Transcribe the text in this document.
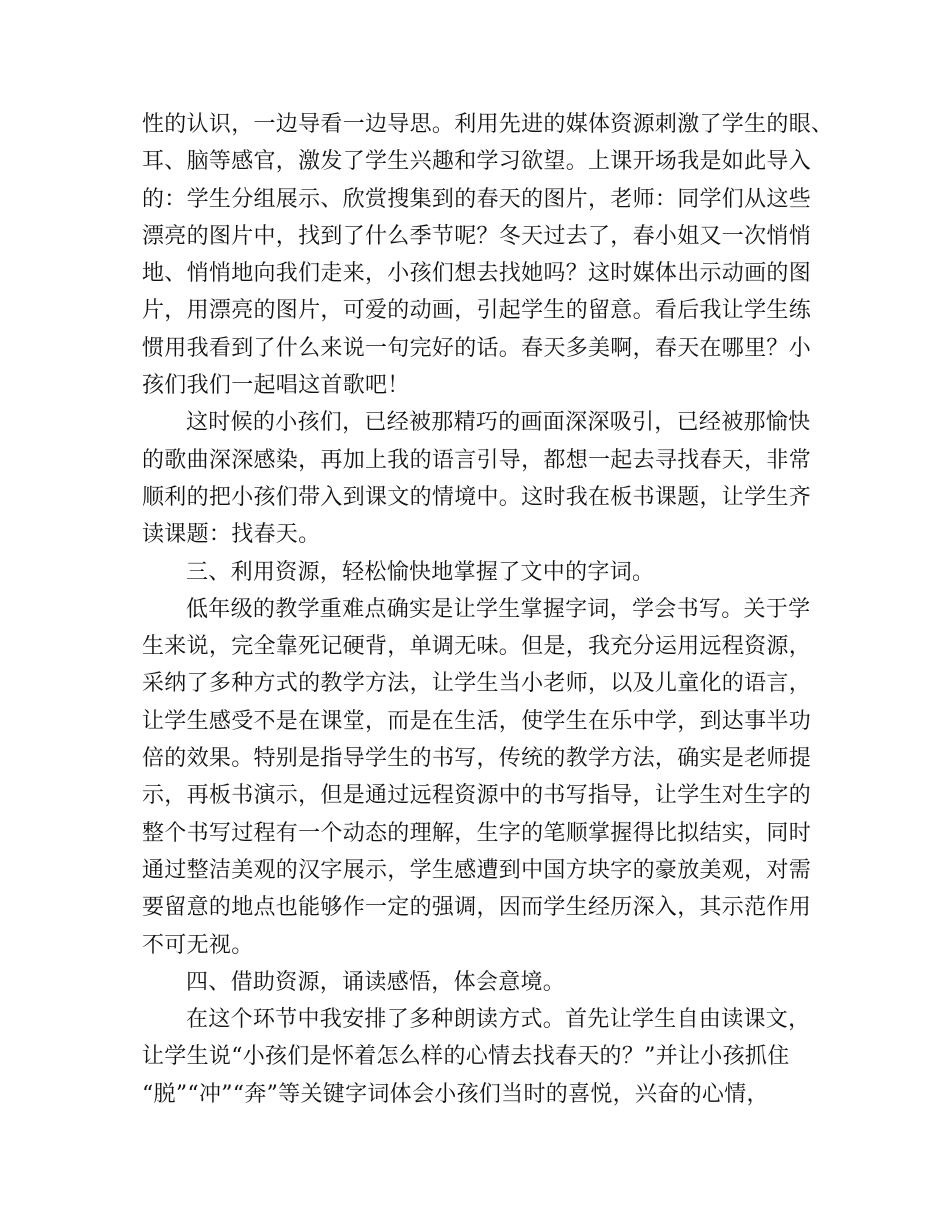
性的认识，一边导看一边导思。利用先进的媒体资源刺激了学生的眼、
耳、脑等感官，激发了学生兴趣和学习欲望。上课开场我是如此导入
的：学生分组展示、欣赏搜集到的春天的图片，老师：同学们从这些
漂亮的图片中，找到了什么季节呢？冬天过去了，春小姐又一次悄悄
地、悄悄地向我们走来，小孩们想去找她吗？这时媒体出示动画的图
片，用漂亮的图片，可爱的动画，引起学生的留意。看后我让学生练
惯用我看到了什么来说一句完好的话。春天多美啊，春天在哪里？小
孩们我们一起唱这首歌吧！
这时候的小孩们，已经被那精巧的画面深深吸引，已经被那愉快
的歌曲深深感染，再加上我的语言引导，都想一起去寻找春天，非常
顺利的把小孩们带入到课文的情境中。这时我在板书课题，让学生齐
读课题：找春天。
三、利用资源，轻松愉快地掌握了文中的字词。
低年级的教学重难点确实是让学生掌握字词，学会书写。关于学
生来说，完全靠死记硬背，单调无味。但是，我充分运用远程资源，
采纳了多种方式的教学方法，让学生当小老师，以及儿童化的语言，
让学生感受不是在课堂，而是在生活，使学生在乐中学，到达事半功
倍的效果。特别是指导学生的书写，传统的教学方法，确实是老师提
示，再板书演示，但是通过远程资源中的书写指导，让学生对生字的
整个书写过程有一个动态的理解，生字的笔顺掌握得比拟结实，同时
通过整洁美观的汉字展示，学生感遭到中国方块字的豪放美观，对需
要留意的地点也能够作一定的强调，因而学生经历深入，其示范作用
不可无视。
四、借助资源，诵读感悟，体会意境。
在这个环节中我安排了多种朗读方式。首先让学生自由读课文，
让学生说“小孩们是怀着怎么样的心情去找春天的？”并让小孩抓住
“脱”“冲”“奔”等关键字词体会小孩们当时的喜悦，兴奋的心情，
